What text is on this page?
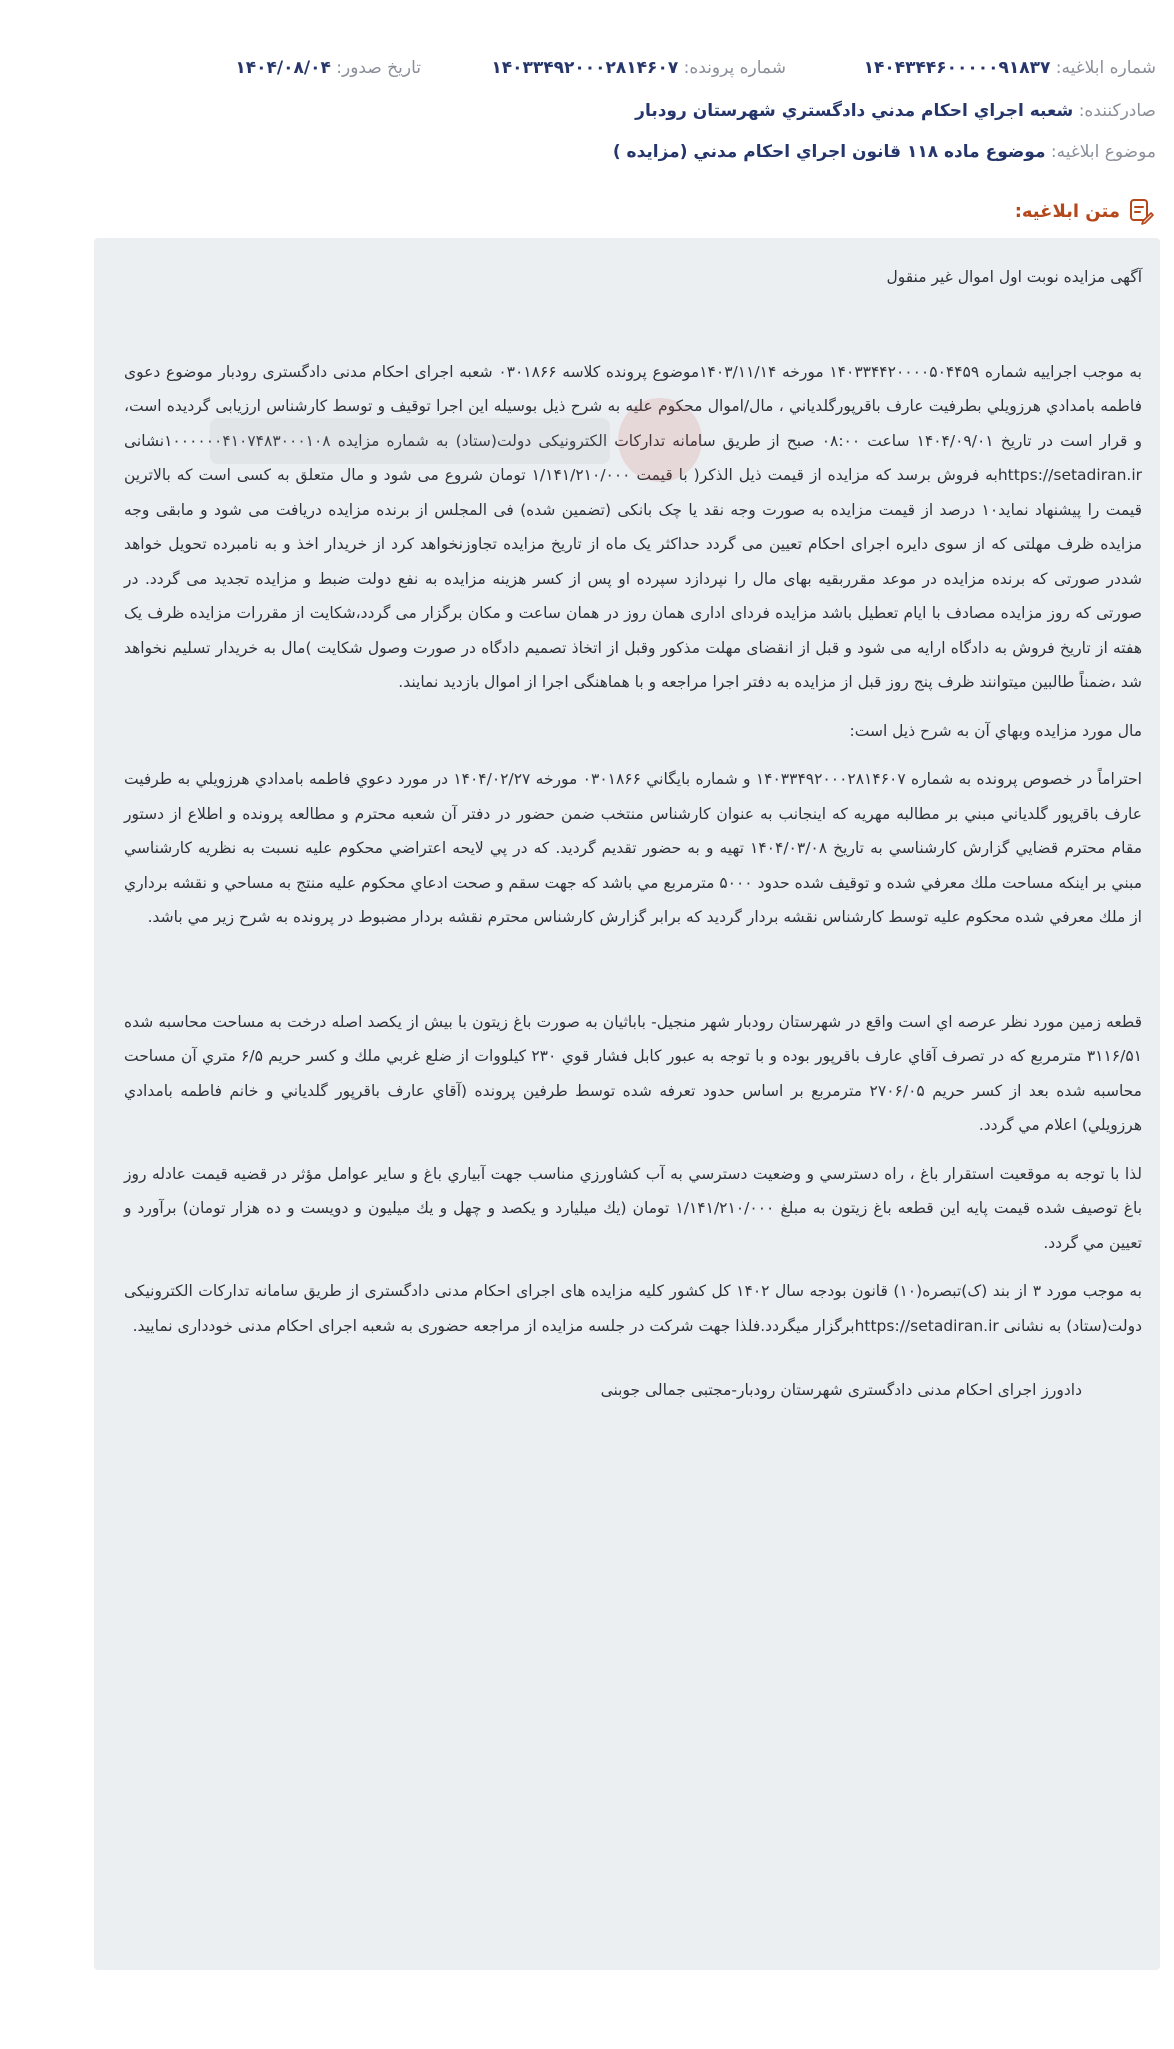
شماره ابلاغیه: ۱۴۰۴۳۴۴۶۰۰۰۰۰۹۱۸۳۷
شماره پرونده: ۱۴۰۳۳۴۹۲۰۰۰۲۸۱۴۶۰۷
تاریخ صدور: ۱۴۰۴/۰۸/۰۴
صادرکننده: شعبه اجراي احكام مدني دادگستري شهرستان رودبار
موضوع ابلاغیه: موضوع ماده ۱۱۸ قانون اجراي احكام مدني (مزایده )
متن ابلاغیه:

آگهی مزایده نوبت اول اموال غیر منقول

به موجب اجراییه شماره ۱۴۰۳۳۴۴۲۰۰۰۰۵۰۴۴۵۹ مورخه ۱۴۰۳/۱۱/۱۴موضوع پرونده کلاسه ۰۳۰۱۸۶۶ شعبه اجرای احکام مدنی دادگستری رودبار موضوع دعوی فاطمه بامدادي هرزويلي بطرفيت عارف باقرپورگلدياني ، مال/اموال محکوم علیه به شرح ذیل بوسیله این اجرا توقیف و توسط کارشناس ارزیابی گردیده است، و قرار است در تاریخ ۱۴۰۴/۰۹/۰۱ ساعت ۰۸:۰۰ صبح از طریق سامانه تدارکات الکترونیکی دولت(ستاد) به شماره مزایده ۱۰۰۰۰۰۰۴۱۰۷۴۸۳۰۰۰۱۰۸نشانی https://setadiran.irبه فروش برسد که مزایده از قیمت ذیل الذکر( با قیمت ۱/۱۴۱/۲۱۰/۰۰۰ تومان شروع می شود و مال متعلق به کسی است که بالاترین قیمت را پیشنهاد نماید۱۰ درصد از قیمت مزایده به صورت وجه نقد یا چک بانکی (تضمین شده) فی المجلس از برنده مزایده دریافت می شود و مابقی وجه مزایده ظرف مهلتی که از سوی دایره اجرای احکام تعیین می گردد حداکثر یک ماه از تاریخ مزایده تجاوزنخواهد کرد از خریدار اخذ و به نامبرده تحویل خواهد شددر صورتی که برنده مزایده در موعد مقرربقیه بهای مال را نپردازد سپرده او پس از کسر هزینه مزایده به نفع دولت ضبط و مزایده تجدید می گردد. در صورتی که روز مزایده مصادف با ایام تعطیل باشد مزایده فردای اداری همان روز در همان ساعت و مکان برگزار می گردد،شکایت از مقررات مزایده ظرف یک هفته از تاریخ فروش به دادگاه ارایه می شود و قبل از انقضای مهلت مذکور وقبل از اتخاذ تصمیم دادگاه در صورت وصول شکایت )مال به خریدار تسلیم نخواهد شد ،ضمناً طالبین میتوانند ظرف پنج روز قبل از مزایده به دفتر اجرا مراجعه و با هماهنگی اجرا از اموال بازدید نمایند.

مال مورد مزایده وبهاي آن به شرح ذيل است:

احتراماً در خصوص پرونده به شماره ۱۴۰۳۳۴۹۲۰۰۰۲۸۱۴۶۰۷ و شماره بايگاني ۰۳۰۱۸۶۶ مورخه ۱۴۰۴/۰۲/۲۷ در مورد دعوي فاطمه بامدادي هرزويلي به طرفيت عارف باقرپور گلدياني مبني بر مطالبه مهريه كه اينجانب به عنوان كارشناس منتخب ضمن حضور در دفتر آن شعبه محترم و مطالعه پرونده و اطلاع از دستور مقام محترم قضايي گزارش كارشناسي به تاريخ ۱۴۰۴/۰۳/۰۸ تهيه و به حضور تقديم گرديد. كه در پي لايحه اعتراضي محكوم عليه نسبت به نظريه كارشناسي مبني بر اينكه مساحت ملك معرفي شده و توقيف شده حدود ۵۰۰۰ مترمربع مي باشد كه جهت سقم و صحت ادعاي محكوم عليه منتج به مساحي و نقشه برداري از ملك معرفي شده محكوم عليه توسط كارشناس نقشه بردار گرديد كه برابر گزارش كارشناس محترم نقشه بردار مضبوط در پرونده به شرح زير مي باشد.

قطعه زمين مورد نظر عرصه اي است واقع در شهرستان رودبار شهر منجيل- باباثيان به صورت باغ زيتون با بيش از يكصد اصله درخت به مساحت محاسبه شده ۳۱۱۶/۵۱ مترمربع كه در تصرف آقاي عارف باقرپور بوده و با توجه به عبور كابل فشار قوي ۲۳۰ كيلووات از ضلع غربي ملك و كسر حريم ۶/۵ متري آن مساحت محاسبه شده بعد از كسر حريم ۲۷۰۶/۰۵ مترمربع بر اساس حدود تعرفه شده توسط طرفين پرونده (آقاي عارف باقرپور گلدياني و خانم فاطمه بامدادي هرزويلي) اعلام مي گردد.

لذا با توجه به موقعيت استقرار باغ ، راه دسترسي و وضعيت دسترسي به آب كشاورزي مناسب جهت آبياري باغ و ساير عوامل مؤثر در قضيه قيمت عادله روز باغ توصيف شده قيمت پايه اين قطعه باغ زيتون به مبلغ ۱/۱۴۱/۲۱۰/۰۰۰ تومان (يك ميليارد و يكصد و چهل و يك ميليون و دويست و ده هزار تومان) برآورد و تعيين مي گردد.

به موجب مورد ۳ از بند (ک)تبصره(۱۰) قانون بودجه سال ۱۴۰۲ کل کشور کلیه مزایده های اجرای احکام مدنی دادگستری از طریق سامانه تدارکات الکترونیکی دولت(ستاد) به نشانی https://setadiran.irبرگزار میگردد.فلذا جهت شرکت در جلسه مزایده از مراجعه حضوری به شعبه اجرای احکام مدنی خودداری نمایید.

دادورز اجرای احکام مدنی دادگستری شهرستان رودبار-مجتبی جمالی جوبنی
